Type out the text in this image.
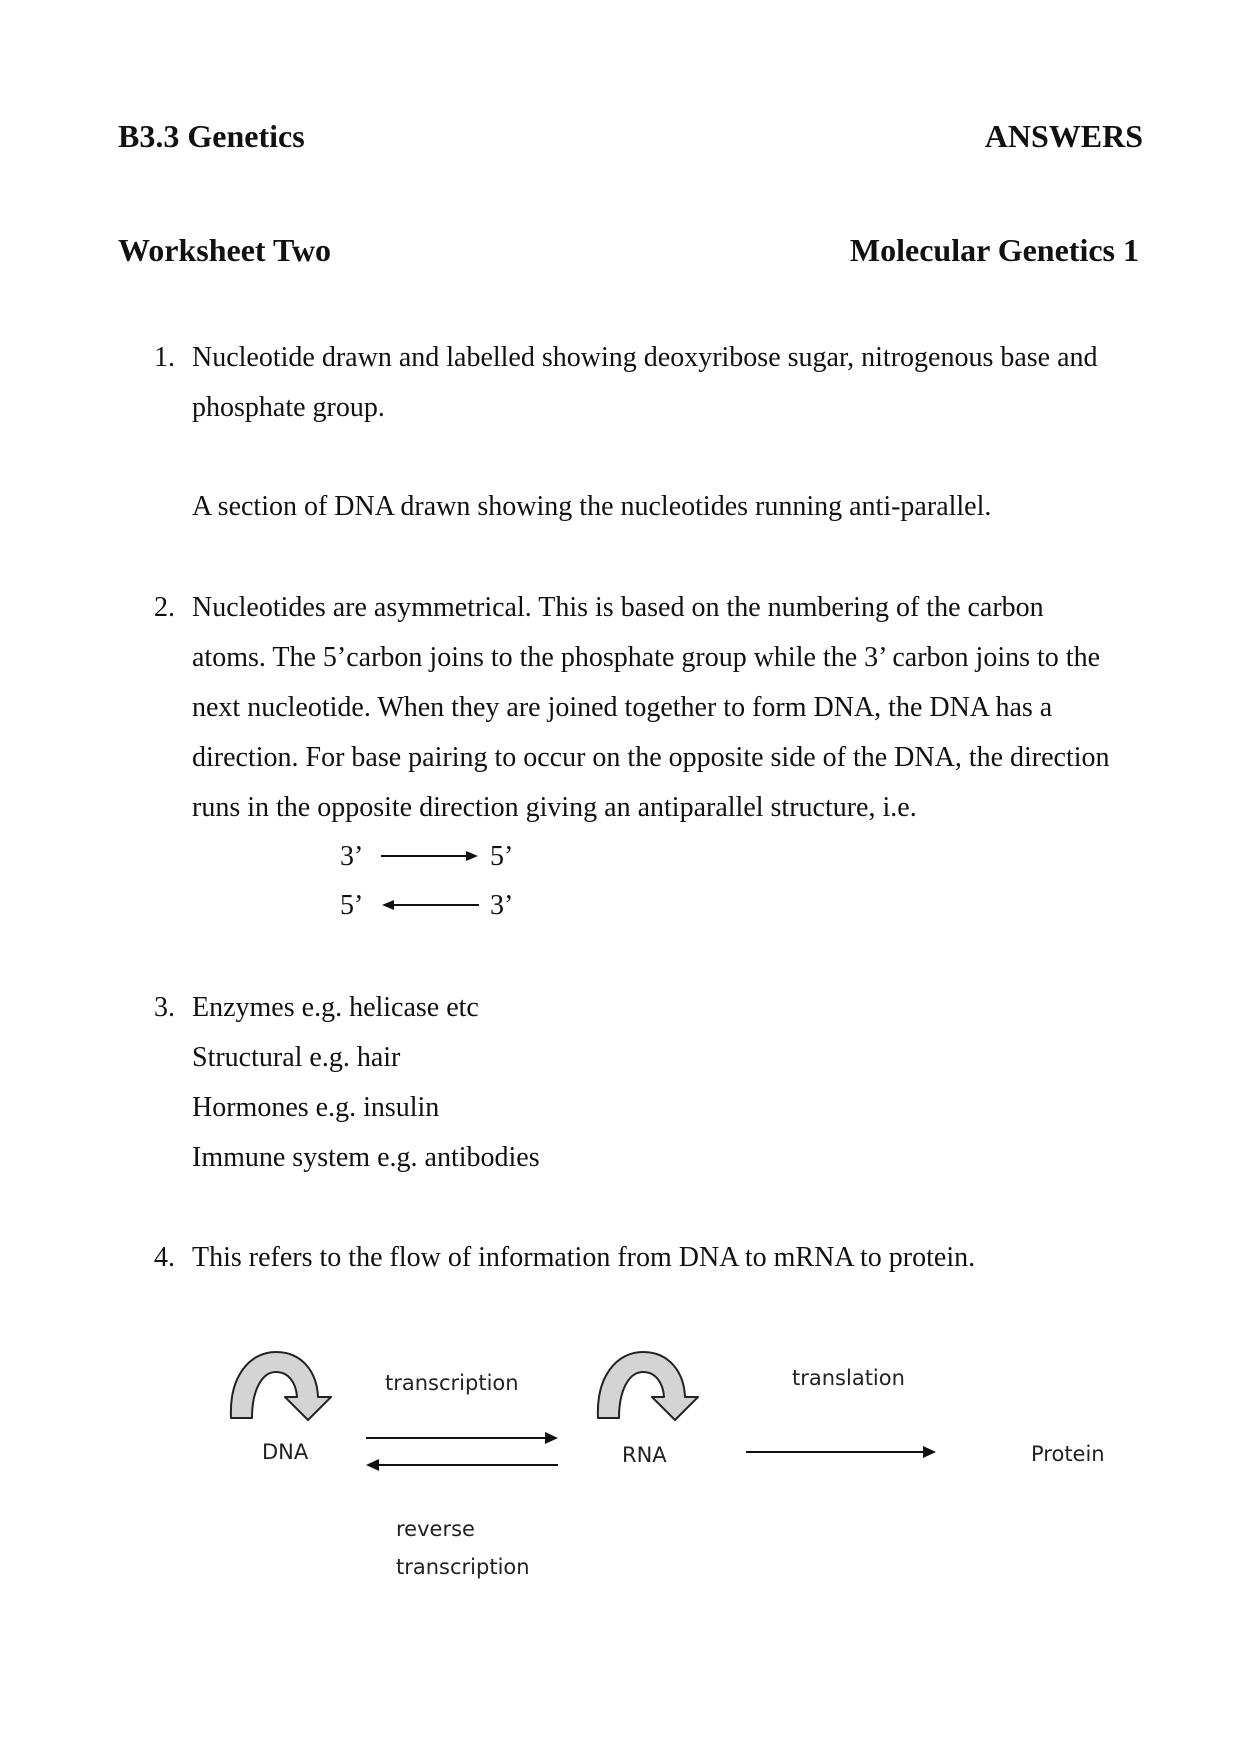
B3.3 Genetics	ANSWERS
Worksheet Two	Molecular Genetics 1
1. Nucleotide drawn and labelled showing deoxyribose sugar, nitrogenous base and
phosphate group.
A section of DNA drawn showing the nucleotides running anti-parallel.
2. Nucleotides are asymmetrical. This is based on the numbering of the carbon
atoms. The 5’carbon joins to the phosphate group while the 3’ carbon joins to the
next nucleotide. When they are joined together to form DNA, the DNA has a
direction. For base pairing to occur on the opposite side of the DNA, the direction
runs in the opposite direction giving an antiparallel structure, i.e.
3’	5’
5’	3’
3. Enzymes e.g. helicase etc
Structural e.g. hair
Hormones e.g. insulin
Immune system e.g. antibodies
4. This refers to the flow of information from DNA to mRNA to protein.
DNA	RNA	Protein
transcription	translation
reverse
transcription
